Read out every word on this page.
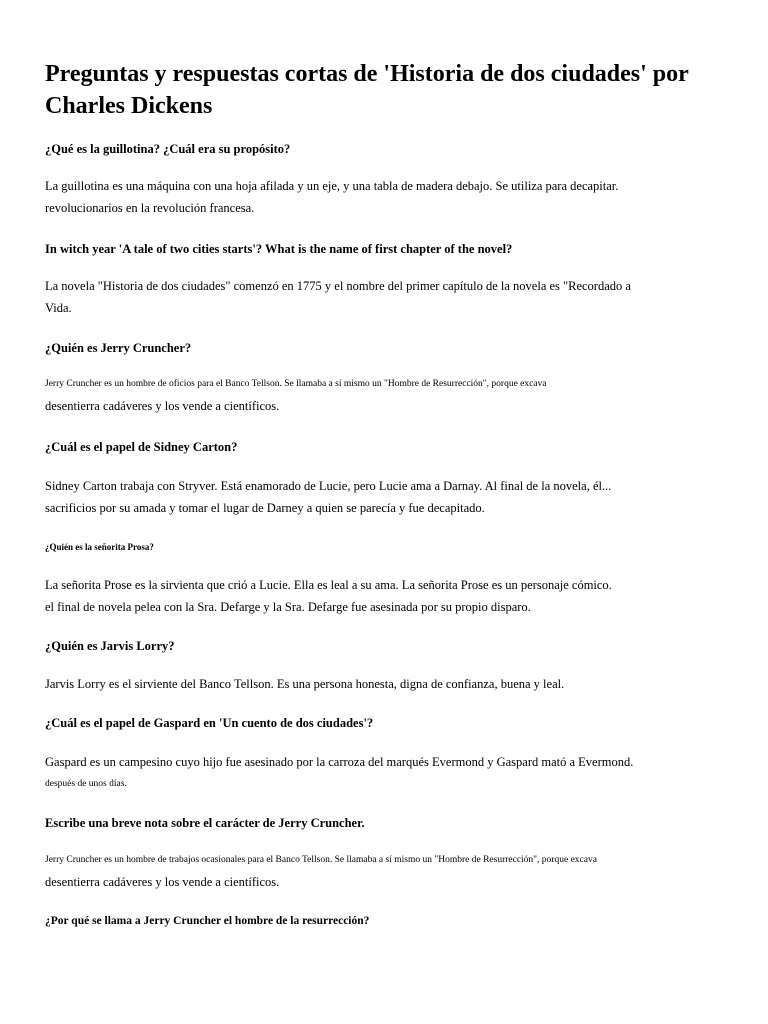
Preguntas y respuestas cortas de 'Historia de dos ciudades' por Charles Dickens

¿Qué es la guillotina? ¿Cuál era su propósito?

La guillotina es una máquina con una hoja afilada y un eje, y una tabla de madera debajo. Se utiliza para decapitar.
revolucionarios en la revolución francesa.

In witch year 'A tale of two cities starts'? What is the name of first chapter of the novel?

La novela "Historia de dos ciudades" comenzó en 1775 y el nombre del primer capítulo de la novela es "Recordado a
Vida.

¿Quién es Jerry Cruncher?

Jerry Cruncher es un hombre de oficios para el Banco Tellson. Se llamaba a sí mismo un "Hombre de Resurrección", porque excava
desentierra cadáveres y los vende a científicos.

¿Cuál es el papel de Sidney Carton?

Sidney Carton trabaja con Stryver. Está enamorado de Lucie, pero Lucie ama a Darnay. Al final de la novela, él...
sacrificios por su amada y tomar el lugar de Darney a quien se parecía y fue decapitado.

¿Quién es la señorita Prosa?

La señorita Prose es la sirvienta que crió a Lucie. Ella es leal a su ama. La señorita Prose es un personaje cómico.
el final de novela pelea con la Sra. Defarge y la Sra. Defarge fue asesinada por su propio disparo.

¿Quién es Jarvis Lorry?

Jarvis Lorry es el sirviente del Banco Tellson. Es una persona honesta, digna de confianza, buena y leal.

¿Cuál es el papel de Gaspard en 'Un cuento de dos ciudades'?

Gaspard es un campesino cuyo hijo fue asesinado por la carroza del marqués Evermond y Gaspard mató a Evermond.
después de unos días.

Escribe una breve nota sobre el carácter de Jerry Cruncher.

Jerry Cruncher es un hombre de trabajos ocasionales para el Banco Tellson. Se llamaba a sí mismo un "Hombre de Resurrección", porque excava
desentierra cadáveres y los vende a científicos.

¿Por qué se llama a Jerry Cruncher el hombre de la resurrección?
